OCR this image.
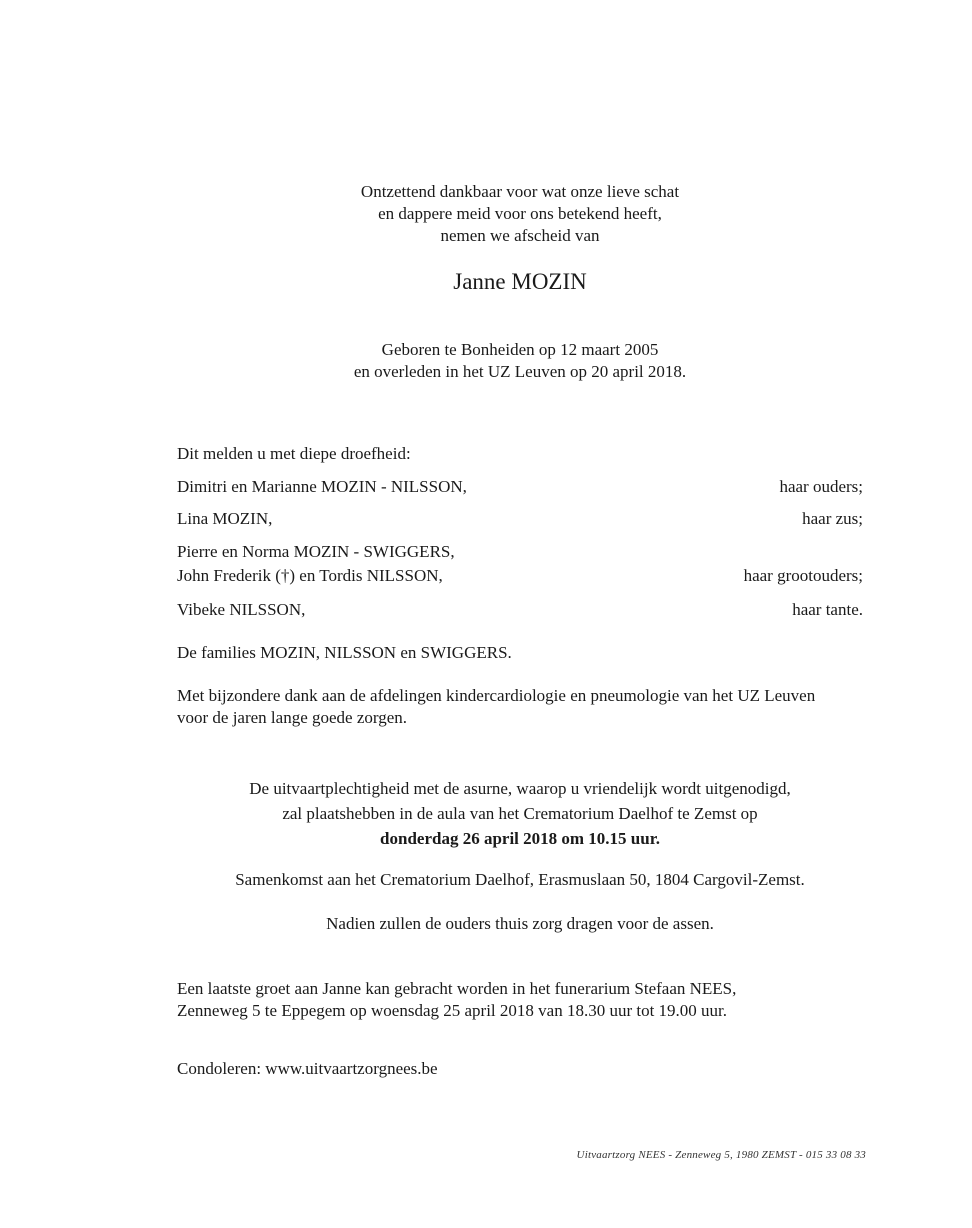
Ontzettend dankbaar voor wat onze lieve schat
en dappere meid voor ons betekend heeft,
nemen we afscheid van
Janne MOZIN
Geboren te Bonheiden op 12 maart 2005
en overleden in het UZ Leuven op 20 april 2018.
Dit melden u met diepe droefheid:
Dimitri en Marianne MOZIN - NILSSON,	haar ouders;
Lina MOZIN,	haar zus;
Pierre en Norma MOZIN - SWIGGERS,
John Frederik (†) en Tordis NILSSON,	haar grootouders;
Vibeke NILSSON,	haar tante.
De families MOZIN, NILSSON en SWIGGERS.
Met bijzondere dank aan de afdelingen kindercardiologie en pneumologie van het UZ Leuven
voor de jaren lange goede zorgen.
De uitvaartplechtigheid met de asurne, waarop u vriendelijk wordt uitgenodigd,
zal plaatshebben in de aula van het Crematorium Daelhof te Zemst op
donderdag 26 april 2018 om 10.15 uur.
Samenkomst aan het Crematorium Daelhof, Erasmuslaan 50, 1804 Cargovil-Zemst.
Nadien zullen de ouders thuis zorg dragen voor de assen.
Een laatste groet aan Janne kan gebracht worden in het funerarium Stefaan NEES,
Zenneweg 5 te Eppegem op woensdag 25 april 2018 van 18.30 uur tot 19.00 uur.
Condoleren: www.uitvaartzorgnees.be
Uitvaartzorg NEES - Zenneweg 5, 1980 ZEMST - 015 33 08 33
